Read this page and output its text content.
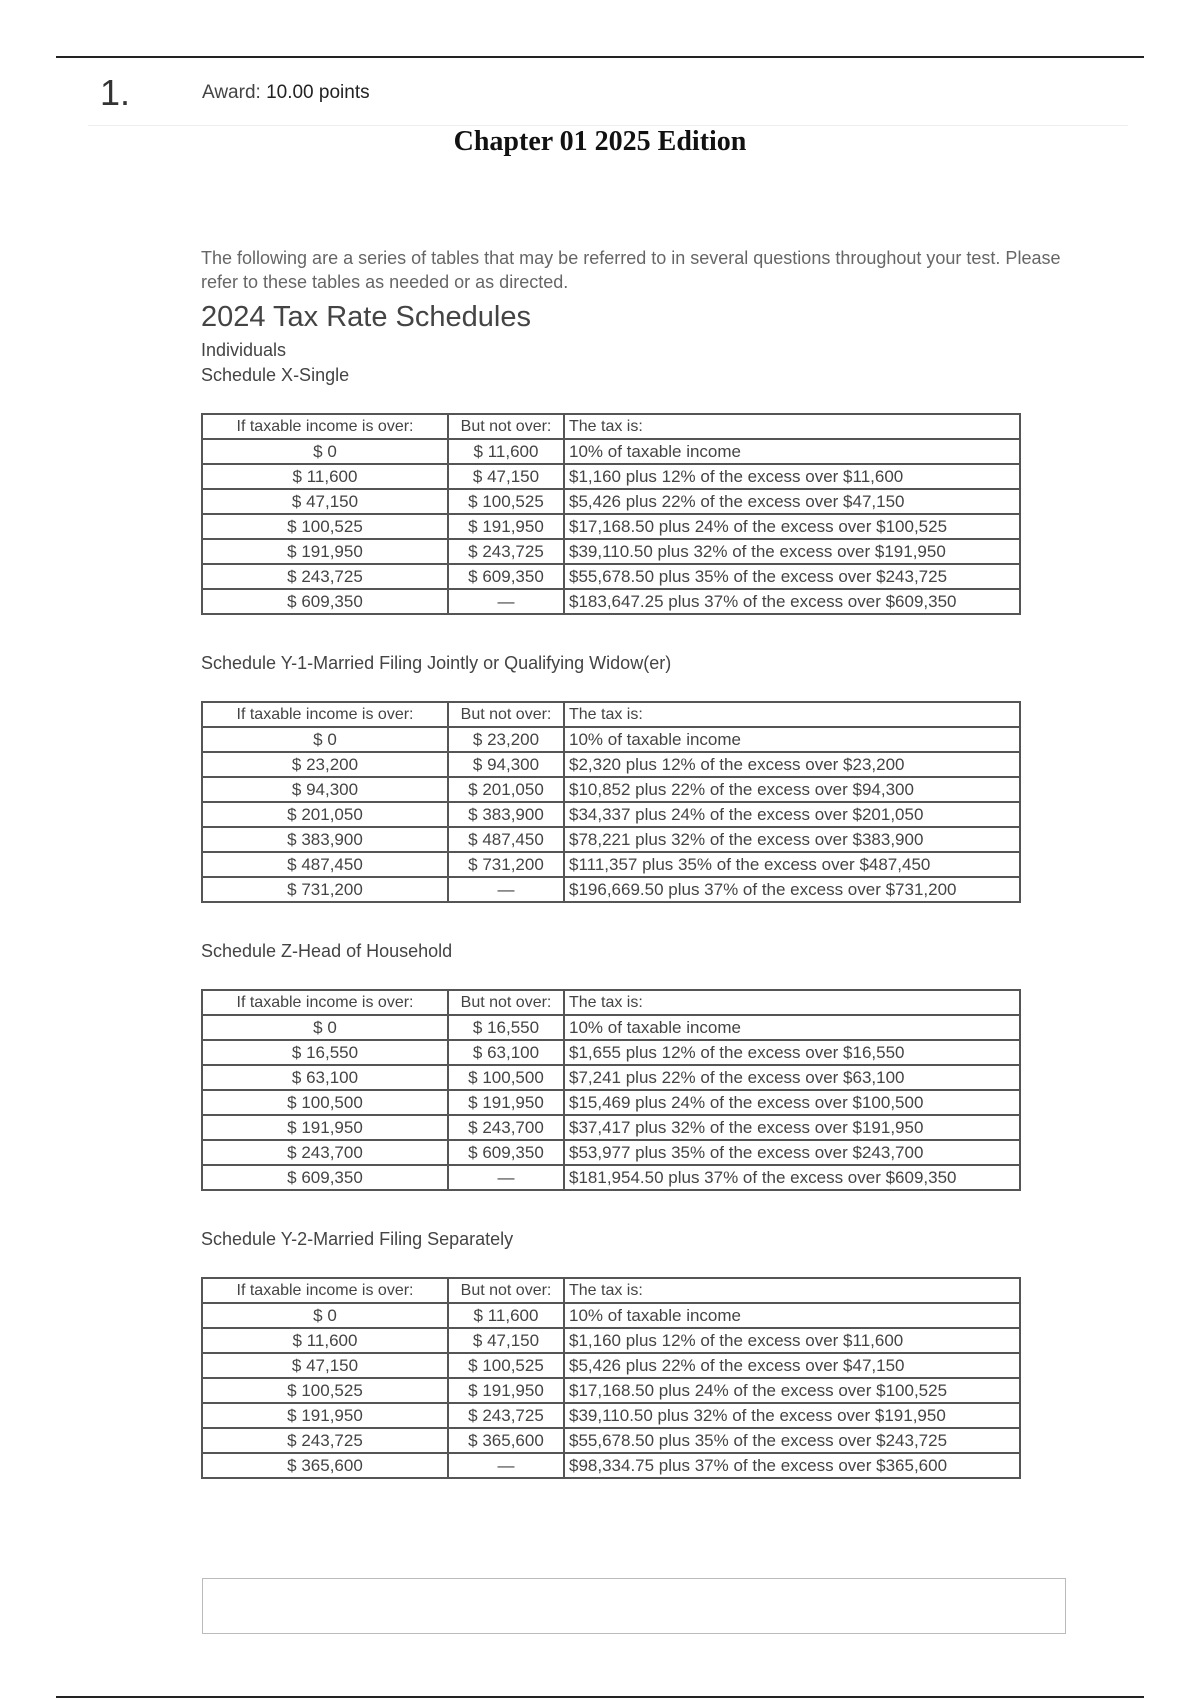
1.	Award: 10.00 points
Chapter 01 2025 Edition

The following are a series of tables that may be referred to in several questions throughout your test. Please refer to these tables as needed or as directed.

2024 Tax Rate Schedules
Individuals
Schedule X-Single
If taxable income is over:	But not over:	The tax is:
$ 0	$ 11,600	10% of taxable income
$ 11,600	$ 47,150	$1,160 plus 12% of the excess over $11,600
$ 47,150	$ 100,525	$5,426 plus 22% of the excess over $47,150
$ 100,525	$ 191,950	$17,168.50 plus 24% of the excess over $100,525
$ 191,950	$ 243,725	$39,110.50 plus 32% of the excess over $191,950
$ 243,725	$ 609,350	$55,678.50 plus 35% of the excess over $243,725
$ 609,350	—	$183,647.25 plus 37% of the excess over $609,350
Schedule Y-1-Married Filing Jointly or Qualifying Widow(er)
If taxable income is over:	But not over:	The tax is:
$ 0	$ 23,200	10% of taxable income
$ 23,200	$ 94,300	$2,320 plus 12% of the excess over $23,200
$ 94,300	$ 201,050	$10,852 plus 22% of the excess over $94,300
$ 201,050	$ 383,900	$34,337 plus 24% of the excess over $201,050
$ 383,900	$ 487,450	$78,221 plus 32% of the excess over $383,900
$ 487,450	$ 731,200	$111,357 plus 35% of the excess over $487,450
$ 731,200	—	$196,669.50 plus 37% of the excess over $731,200
Schedule Z-Head of Household
If taxable income is over:	But not over:	The tax is:
$ 0	$ 16,550	10% of taxable income
$ 16,550	$ 63,100	$1,655 plus 12% of the excess over $16,550
$ 63,100	$ 100,500	$7,241 plus 22% of the excess over $63,100
$ 100,500	$ 191,950	$15,469 plus 24% of the excess over $100,500
$ 191,950	$ 243,700	$37,417 plus 32% of the excess over $191,950
$ 243,700	$ 609,350	$53,977 plus 35% of the excess over $243,700
$ 609,350	—	$181,954.50 plus 37% of the excess over $609,350
Schedule Y-2-Married Filing Separately
If taxable income is over:	But not over:	The tax is:
$ 0	$ 11,600	10% of taxable income
$ 11,600	$ 47,150	$1,160 plus 12% of the excess over $11,600
$ 47,150	$ 100,525	$5,426 plus 22% of the excess over $47,150
$ 100,525	$ 191,950	$17,168.50 plus 24% of the excess over $100,525
$ 191,950	$ 243,725	$39,110.50 plus 32% of the excess over $191,950
$ 243,725	$ 365,600	$55,678.50 plus 35% of the excess over $243,725
$ 365,600	—	$98,334.75 plus 37% of the excess over $365,600
